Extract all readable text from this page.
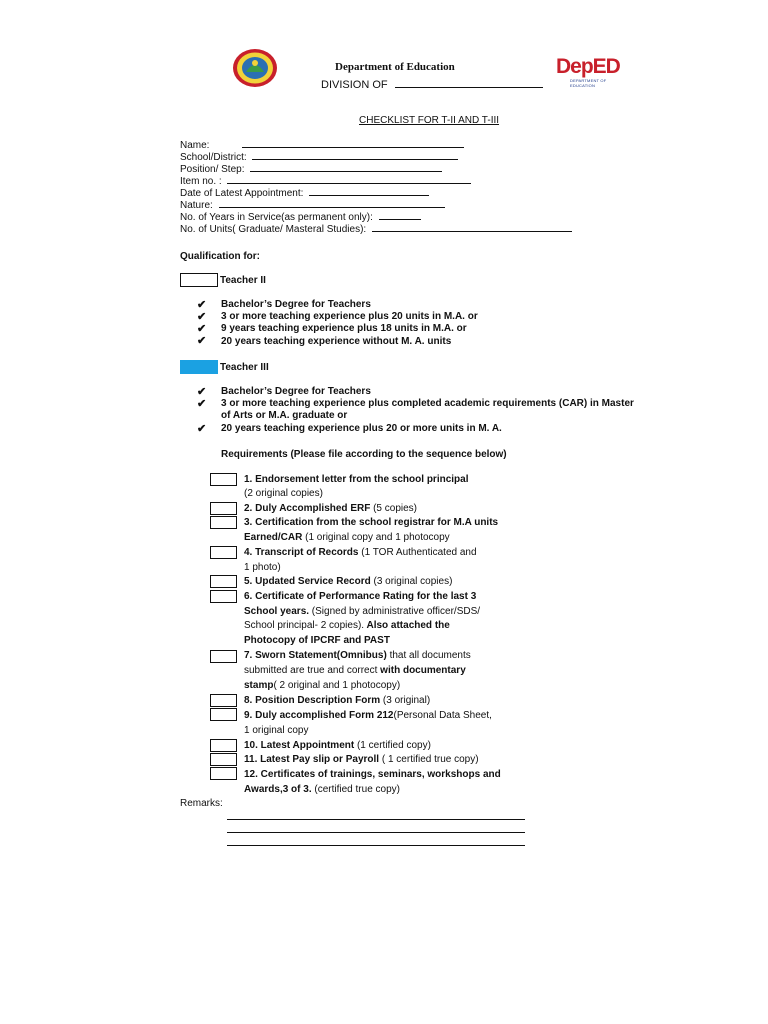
Department of Education
DIVISION OF
DepED
DEPARTMENT OF EDUCATION
CHECKLIST FOR T-II AND T-III
Name:
School/District:
Position/ Step:
Item no. :
Date of Latest Appointment:
Nature:
No. of Years in Service(as permanent only):
No. of Units( Graduate/ Masteral Studies):
Qualification for:
Teacher II
✔ Bachelor’s Degree for Teachers
✔ 3 or more teaching experience plus 20 units in M.A. or
✔ 9 years teaching experience plus 18 units in M.A. or
✔ 20 years teaching experience without M. A. units
Teacher III
✔ Bachelor’s Degree for Teachers
✔ 3 or more teaching experience plus completed academic requirements (CAR) in Master
of Arts or M.A. graduate or
✔ 20 years teaching experience plus 20 or more units in M. A.
Requirements (Please file according to the sequence below)
1. Endorsement letter from the school principal
(2 original copies)
2. Duly Accomplished ERF (5 copies)
3. Certification from the school registrar for M.A units
Earned/CAR (1 original copy and 1 photocopy
4. Transcript of Records (1 TOR Authenticated and
1 photo)
5. Updated Service Record (3 original copies)
6. Certificate of Performance Rating for the last 3
School years. (Signed by administrative officer/SDS/
School principal- 2 copies). Also attached the
Photocopy of IPCRF and PAST
7. Sworn Statement(Omnibus) that all documents
submitted are true and correct with documentary
stamp( 2 original and 1 photocopy)
8. Position Description Form (3 original)
9. Duly accomplished Form 212(Personal Data Sheet,
1 original copy
10. Latest Appointment (1 certified copy)
11. Latest Pay slip or Payroll ( 1 certified true copy)
12. Certificates of trainings, seminars, workshops and
Awards,3 of 3. (certified true copy)
Remarks:
